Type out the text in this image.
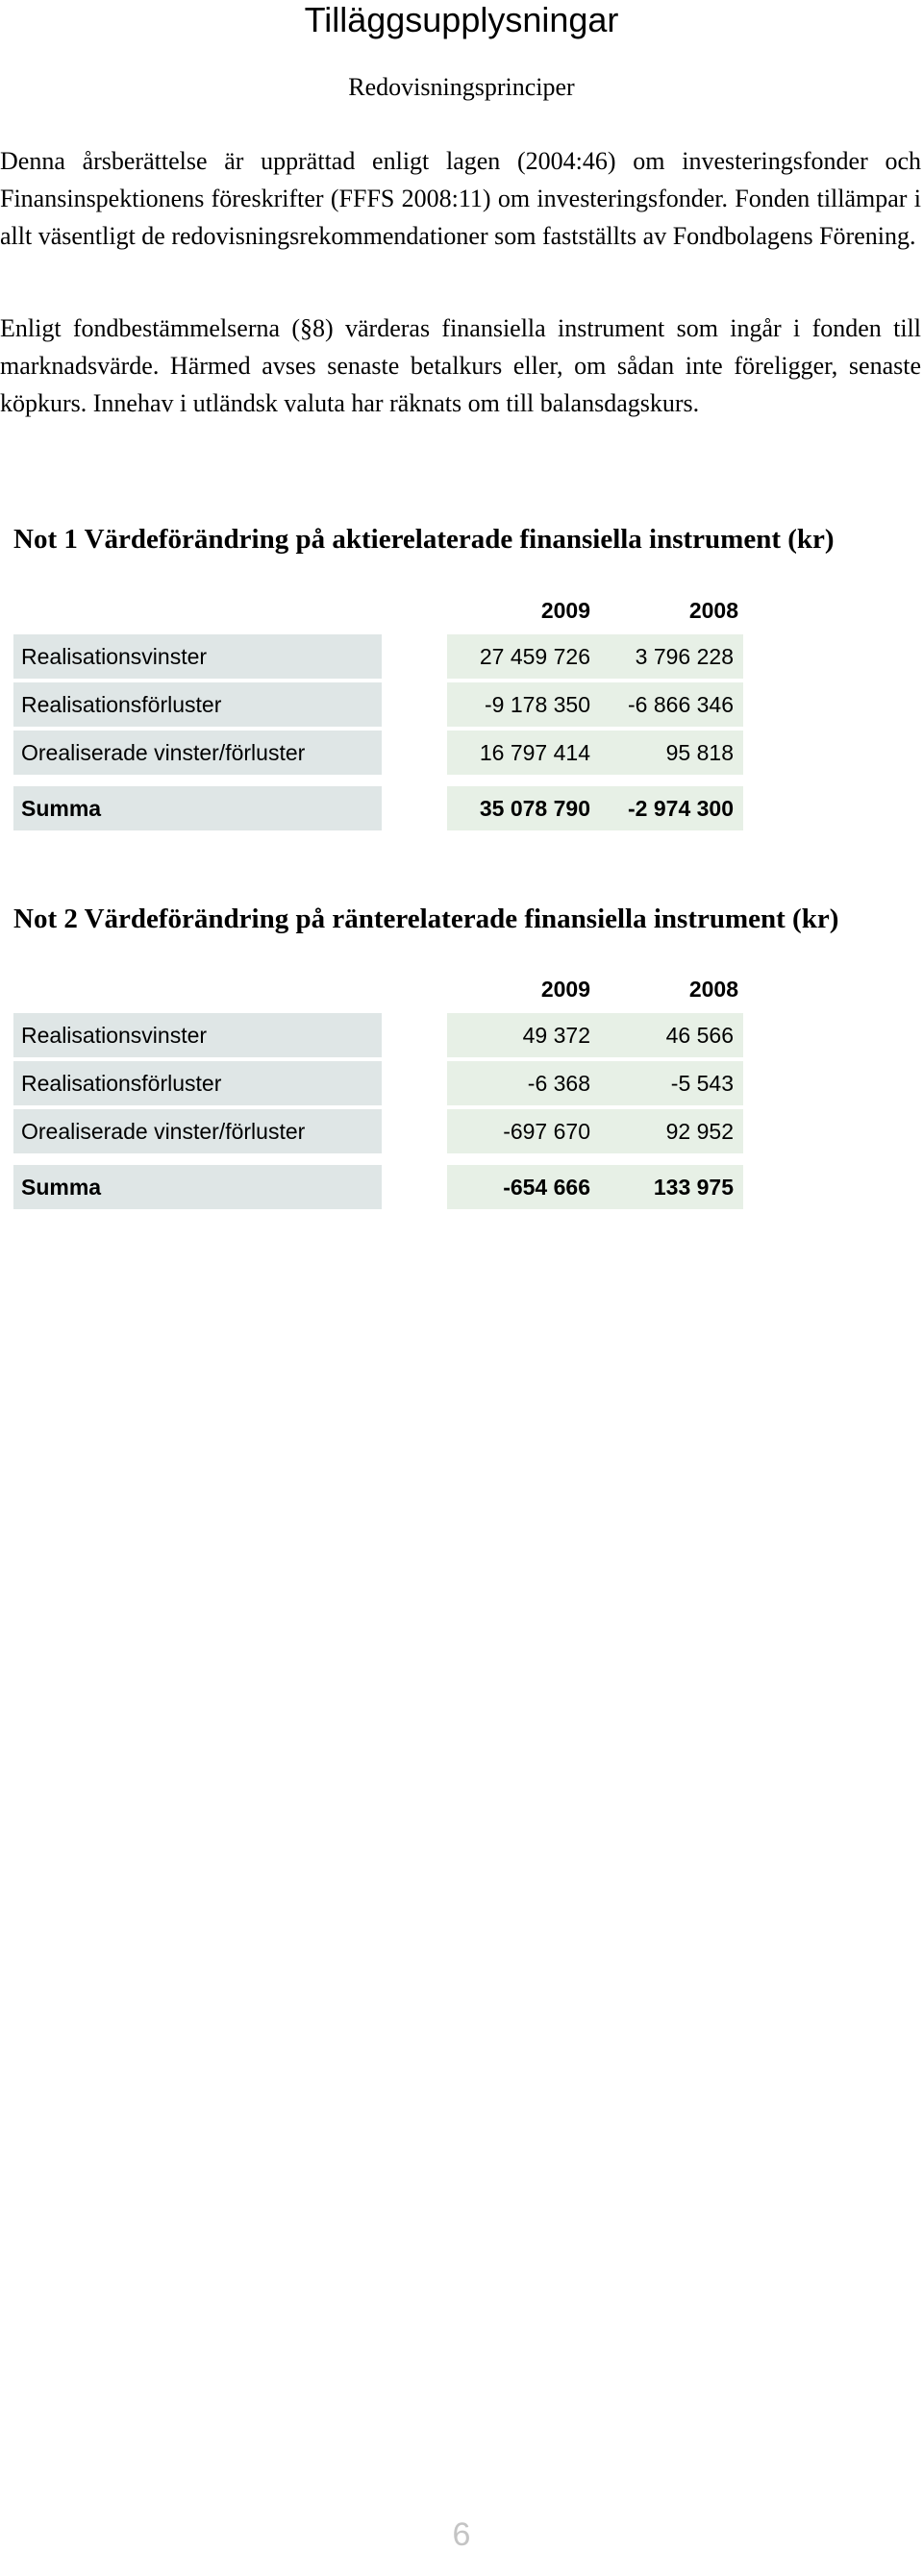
Tilläggsupplysningar
Redovisningsprinciper
Denna årsberättelse är upprättad enligt lagen (2004:46) om investeringsfonder och Finansinspektionens föreskrifter (FFFS 2008:11) om investeringsfonder. Fonden tillämpar i allt väsentligt de redovisningsrekommendationer som fastställts av Fondbolagens Förening.
Enligt fondbestämmelserna (§8) värderas finansiella instrument som ingår i fonden till marknadsvärde. Härmed avses senaste betalkurs eller, om sådan inte föreligger, senaste köpkurs. Innehav i utländsk valuta har räknats om till balansdagskurs.
Not 1 Värdeförändring på aktierelaterade finansiella instrument (kr)
2009	2008
Realisationsvinster	27 459 726	3 796 228
Realisationsförluster	-9 178 350	-6 866 346
Orealiserade vinster/förluster	16 797 414	95 818
Summa	35 078 790	-2 974 300
Not 2 Värdeförändring på ränterelaterade finansiella instrument (kr)
2009	2008
Realisationsvinster	49 372	46 566
Realisationsförluster	-6 368	-5 543
Orealiserade vinster/förluster	-697 670	92 952
Summa	-654 666	133 975
6
